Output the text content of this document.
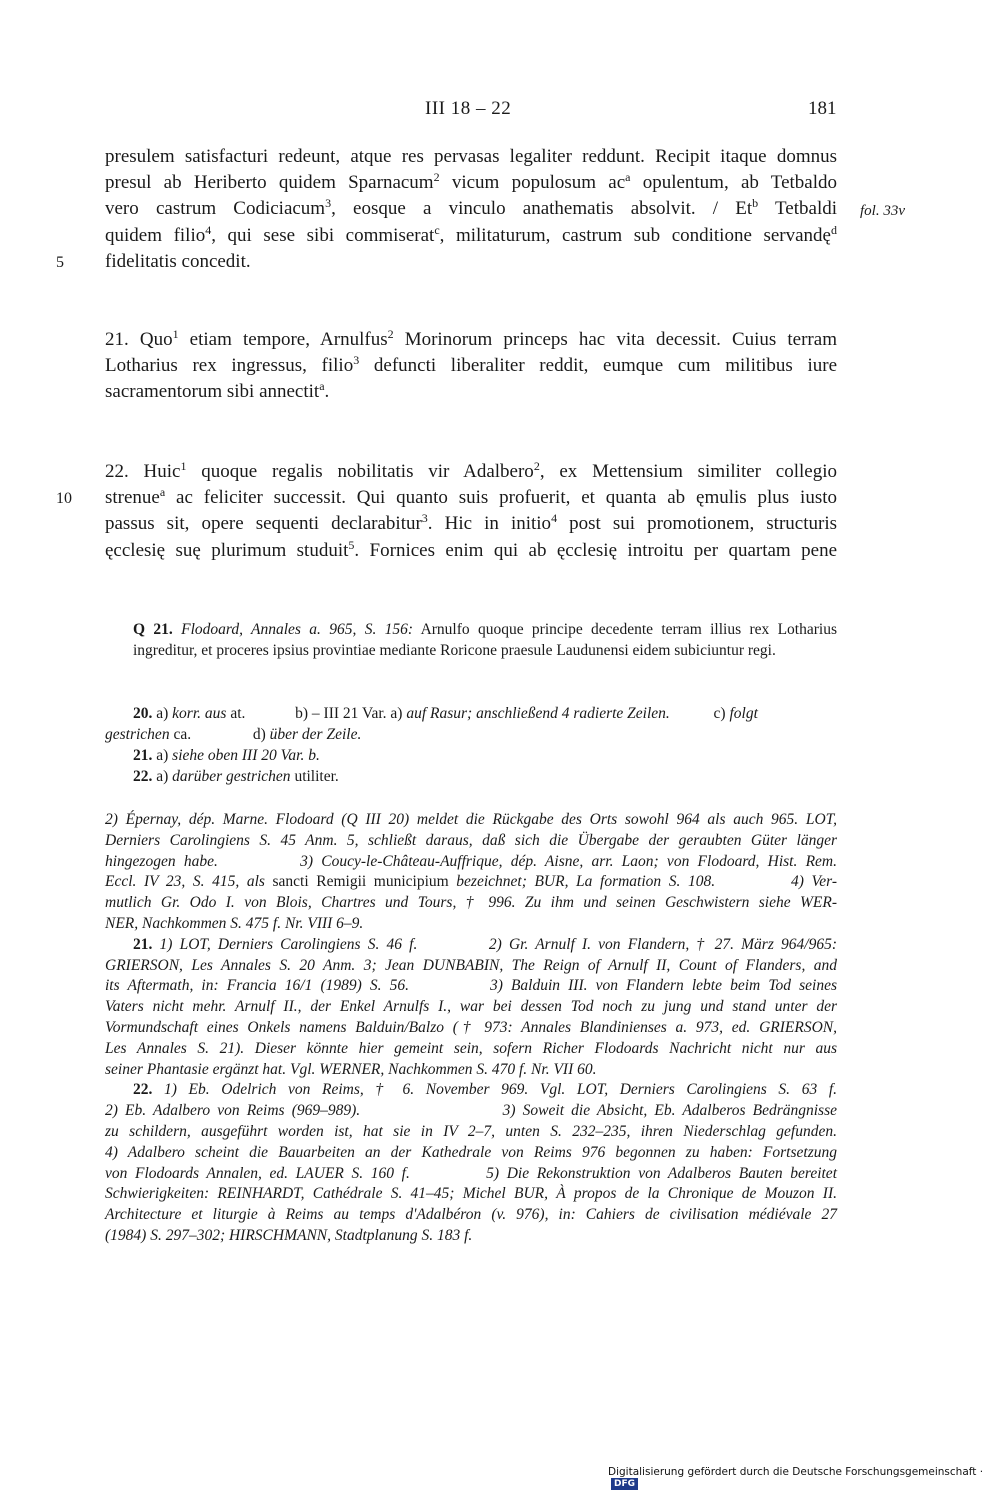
III 18 – 22	181
5
10
fol. 33v
presulem satisfacturi redeunt, atque res pervasas legaliter reddunt. Recipit itaque domnus
presul ab Heriberto quidem Sparnacum$^2$ vicum populosum $ac^a$ opulentum, ab Tetbaldo
vero castrum Codiciacum$^3$, eosque a vinculo anathematis absolvit. / Et$^b$ Tetbaldi
quidem filio$^4$, qui sese sibi commiserat$^c$, militaturum, castrum sub conditione servandę$^d$
fidelitatis concedit.
21. Quo$^1$ etiam tempore, Arnulfus$^2$ Morinorum princeps hac vita decessit. Cuius terram
Lotharius rex ingressus, filio$^3$ defuncti liberaliter reddit, eumque cum militibus iure
sacramentorum sibi annectit$^a$.
22. Huic$^1$ quoque regalis nobilitatis vir Adalbero$^2$, ex Mettensium similiter collegio
strenue$^a$ ac feliciter successit. Qui quanto suis profuerit, et quanta ab ęmulis plus iusto
passus sit, opere sequenti declarabitur$^3$. Hic in initio$^4$ post sui promotionem, structuris
ęcclesię suę plurimum studuit$^5$. Fornices enim qui ab ęcclesię introitu per quartam pene
Q 21. Flodoard, Annales a. 965, S. 156: Arnulfo quoque principe decedente terram illius rex Lotharius ingreditur, et proceres ipsius provintiae mediante Roricone praesule Laudunensi eidem subiciuntur regi.
20. a) korr. aus at.	b) – III 21 Var. a) auf Rasur; anschließend 4 radierte Zeilen.	c) folgt
gestrichen ca.	d) über der Zeile.
21. a) siehe oben III 20 Var. b.
22. a) darüber gestrichen utiliter.
2) Épernay, dép. Marne. Flodoard (Q III 20) meldet die Rückgabe des Orts sowohl 964 als auch 965. LOT,
Derniers Carolingiens S. 45 Anm. 5, schließt daraus, daß sich die Übergabe der geraubten Güter länger
hingezogen habe.          3) Coucy-le-Château-Auffrique, dép. Aisne, arr. Laon; von Flodoard, Hist. Rem.
Eccl. IV 23, S. 415, als sancti Remigii municipium bezeichnet; BUR, La formation S. 108.          4) Ver-
mutlich Gr. Odo I. von Blois, Chartres und Tours, † 996. Zu ihm und seinen Geschwistern siehe WER-
NER, Nachkommen S. 475 f. Nr. VIII 6–9.
21. 1) LOT, Derniers Carolingiens S. 46 f.          2) Gr. Arnulf I. von Flandern, † 27. März 964/965:
GRIERSON, Les Annales S. 20 Anm. 3; Jean DUNBABIN, The Reign of Arnulf II, Count of Flanders, and
its Aftermath, in: Francia 16/1 (1989) S. 56.          3) Balduin III. von Flandern lebte beim Tod seines
Vaters nicht mehr. Arnulf II., der Enkel Arnulfs I., war bei dessen Tod noch zu jung und stand unter der
Vormundschaft eines Onkels namens Balduin/Balzo († 973: Annales Blandinienses a. 973, ed. GRIERSON,
Les Annales S. 21). Dieser könnte hier gemeint sein, sofern Richer Flodoards Nachricht nicht nur aus
seiner Phantasie ergänzt hat. Vgl. WERNER, Nachkommen S. 470 f. Nr. VII 60.
22. 1) Eb. Odelrich von Reims, † 6. November 969. Vgl. LOT, Derniers Carolingiens S. 63 f.
2) Eb. Adalbero von Reims (969–989).                    3) Soweit die Absicht, Eb. Adalberos Bedrängnisse
zu schildern, ausgeführt worden ist, hat sie in IV 2–7, unten S. 232–235, ihren Niederschlag gefunden.
4) Adalbero scheint die Bauarbeiten an der Kathedrale von Reims 976 begonnen zu haben: Fortsetzung
von Flodoards Annalen, ed. LAUER S. 160 f.          5) Die Rekonstruktion von Adalberos Bauten bereitet
Schwierigkeiten: REINHARDT, Cathédrale S. 41–45; Michel BUR, À propos de la Chronique de Mouzon II.
Architecture et liturgie à Reims au temps d'Adalbéron (v. 976), in: Cahiers de civilisation médiévale 27
(1984) S. 297–302; HIRSCHMANN, Stadtplanung S. 183 f.
Digitalisierung gefördert durch die Deutsche Forschungsgemeinschaft ·DFG
